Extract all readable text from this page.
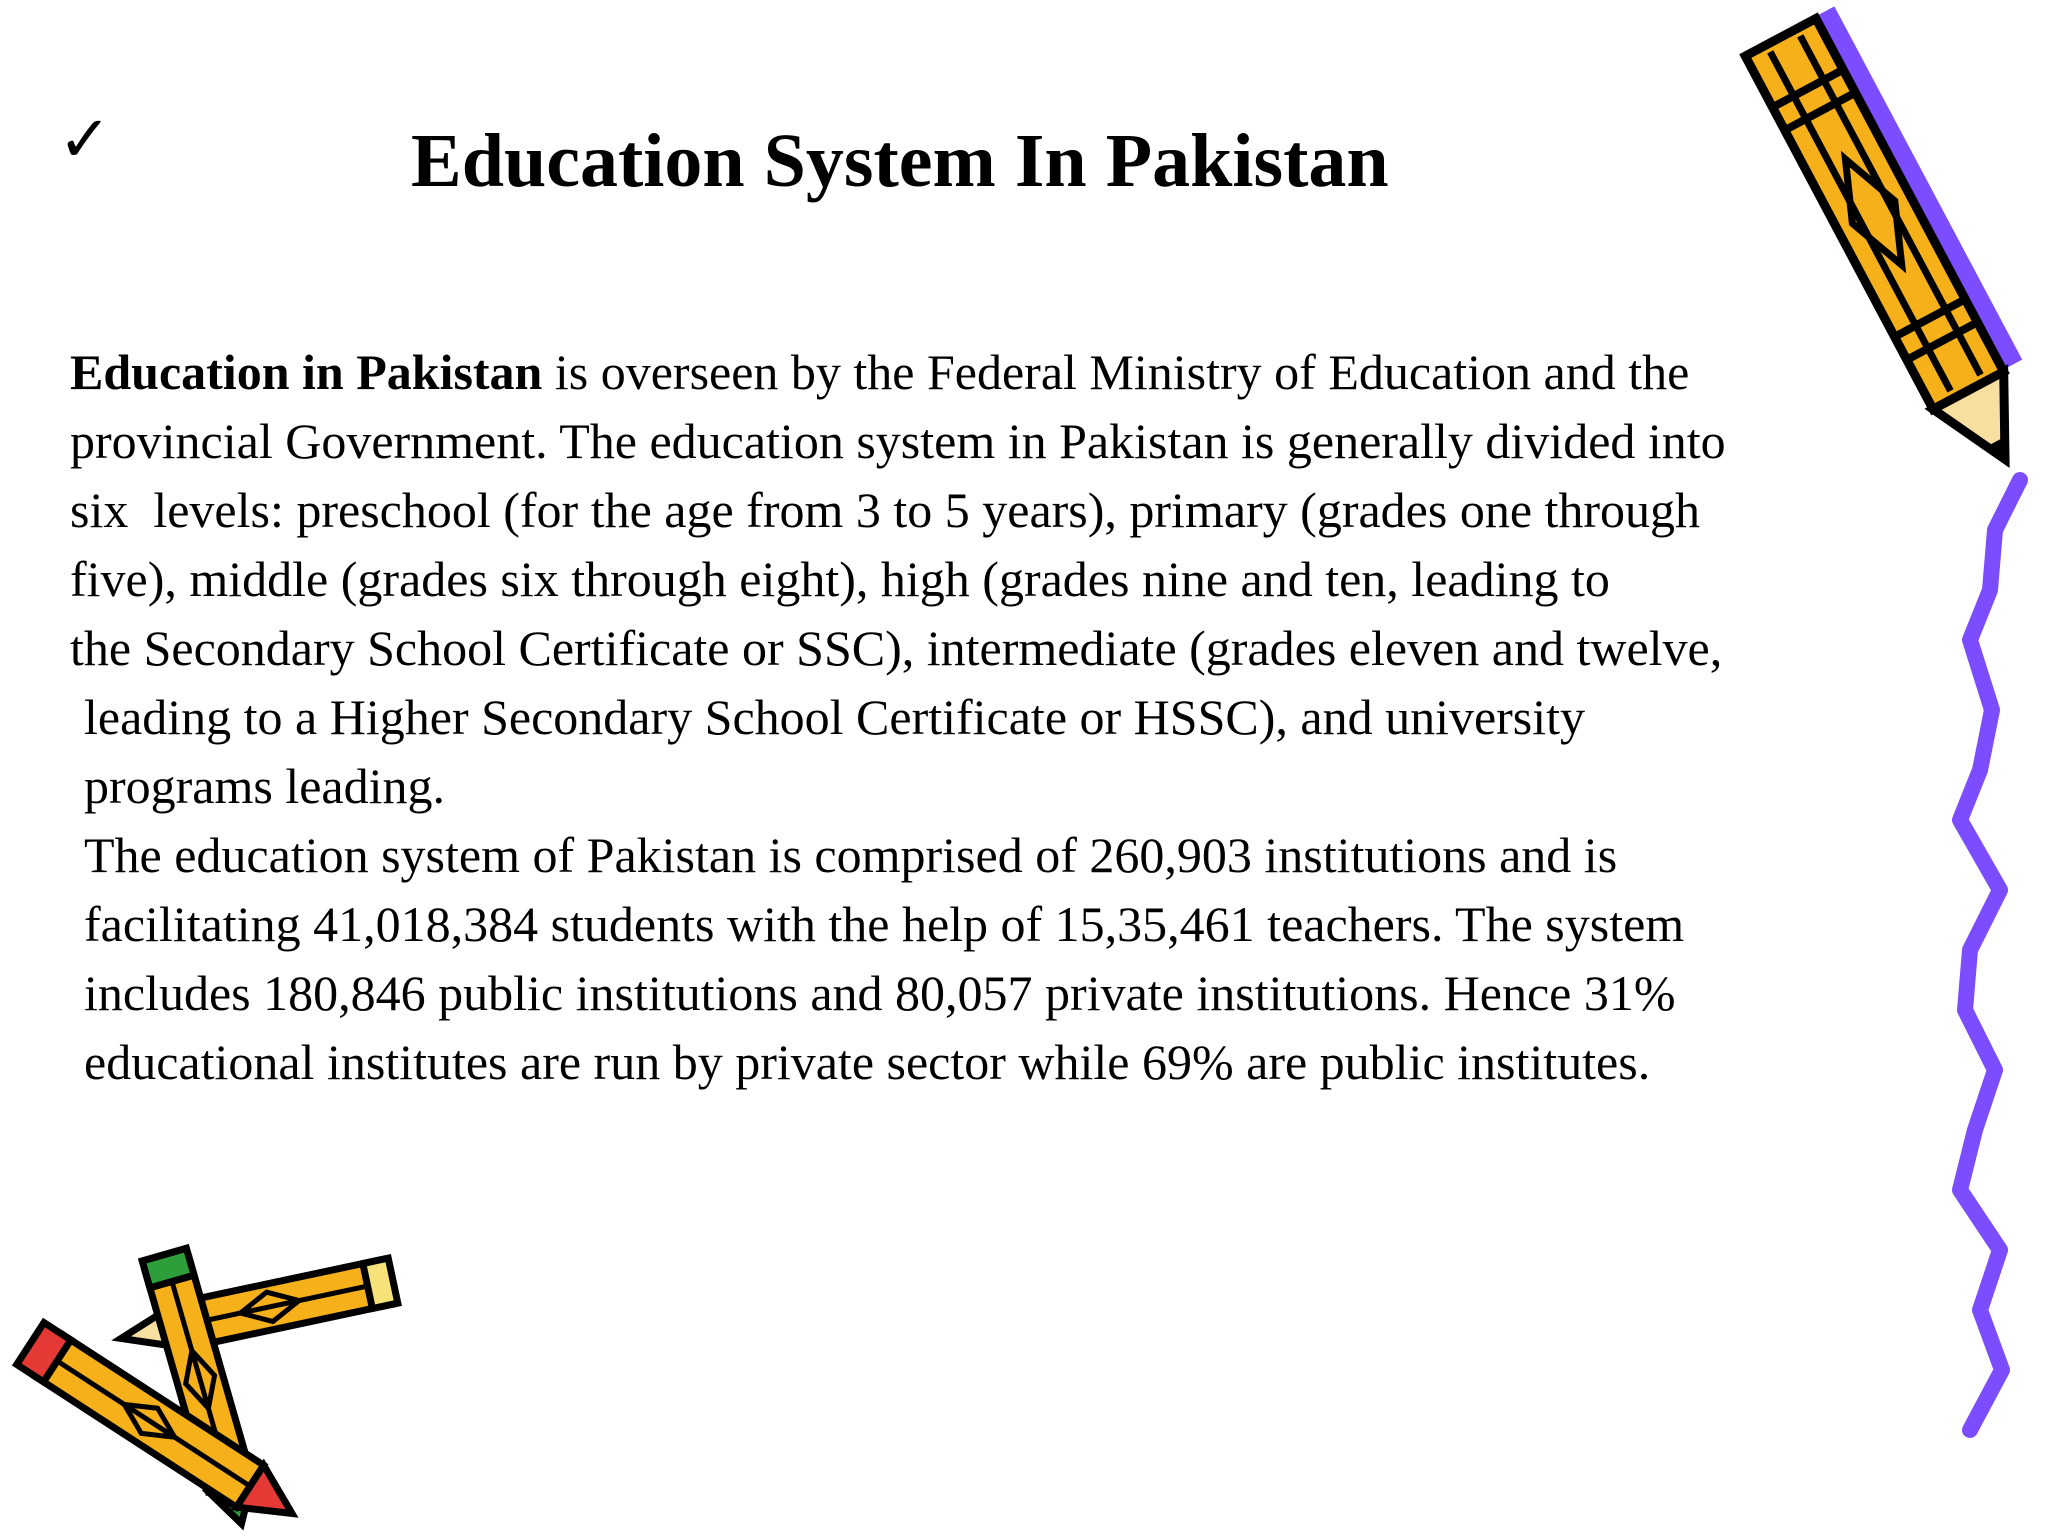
✓	Education System In Pakistan
Education in Pakistan is overseen by the Federal Ministry of Education and the
provincial Government. The education system in Pakistan is generally divided into
six  levels: preschool (for the age from 3 to 5 years), primary (grades one through
five), middle (grades six through eight), high (grades nine and ten, leading to
the Secondary School Certificate or SSC), intermediate (grades eleven and twelve,
leading to a Higher Secondary School Certificate or HSSC), and university
programs leading.
The education system of Pakistan is comprised of 260,903 institutions and is
facilitating 41,018,384 students with the help of 15,35,461 teachers. The system
includes 180,846 public institutions and 80,057 private institutions. Hence 31%
educational institutes are run by private sector while 69% are public institutes.
